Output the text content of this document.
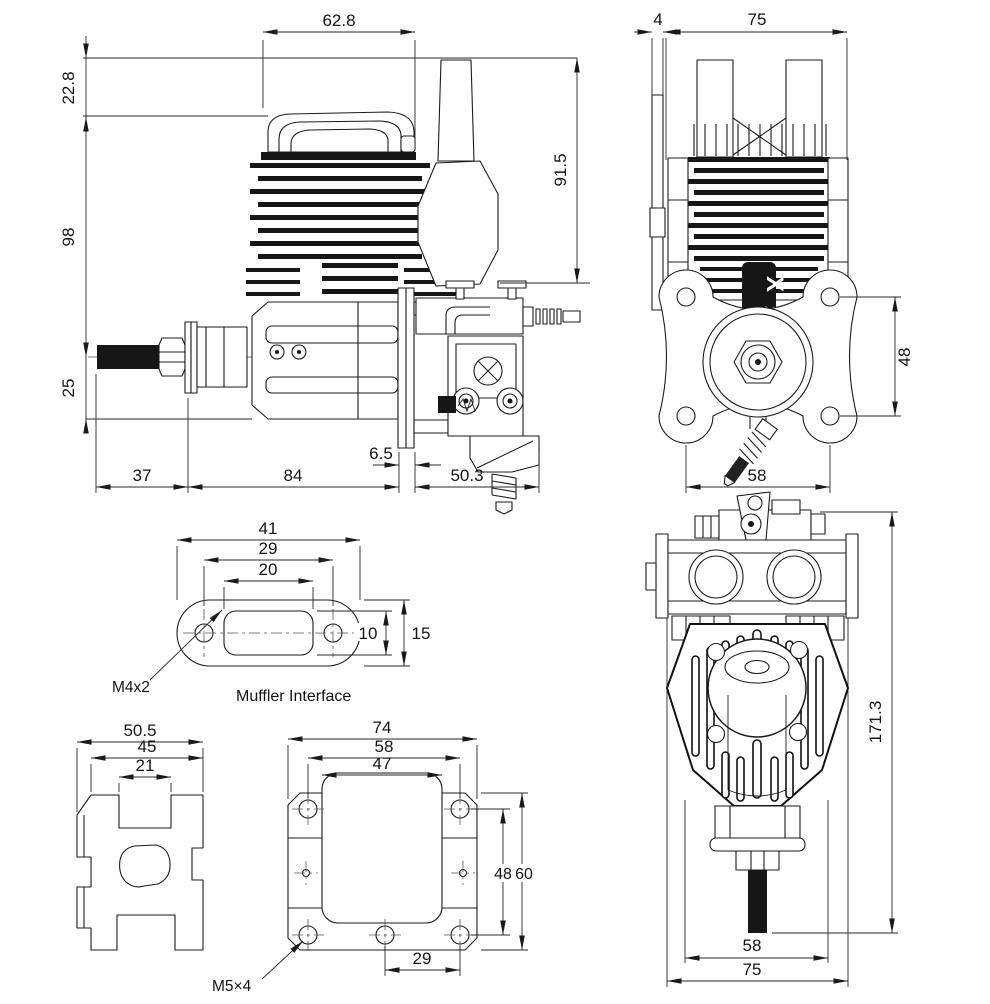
62.8
22.8
98
25
91.5
37	84
6.5
50.3
X
4	75
48
58
41
29
20
10 15
M4x2
Muffler Interface
50.5
45
21
74
58
47
48 60
29
M5×4
171.3
58
75
